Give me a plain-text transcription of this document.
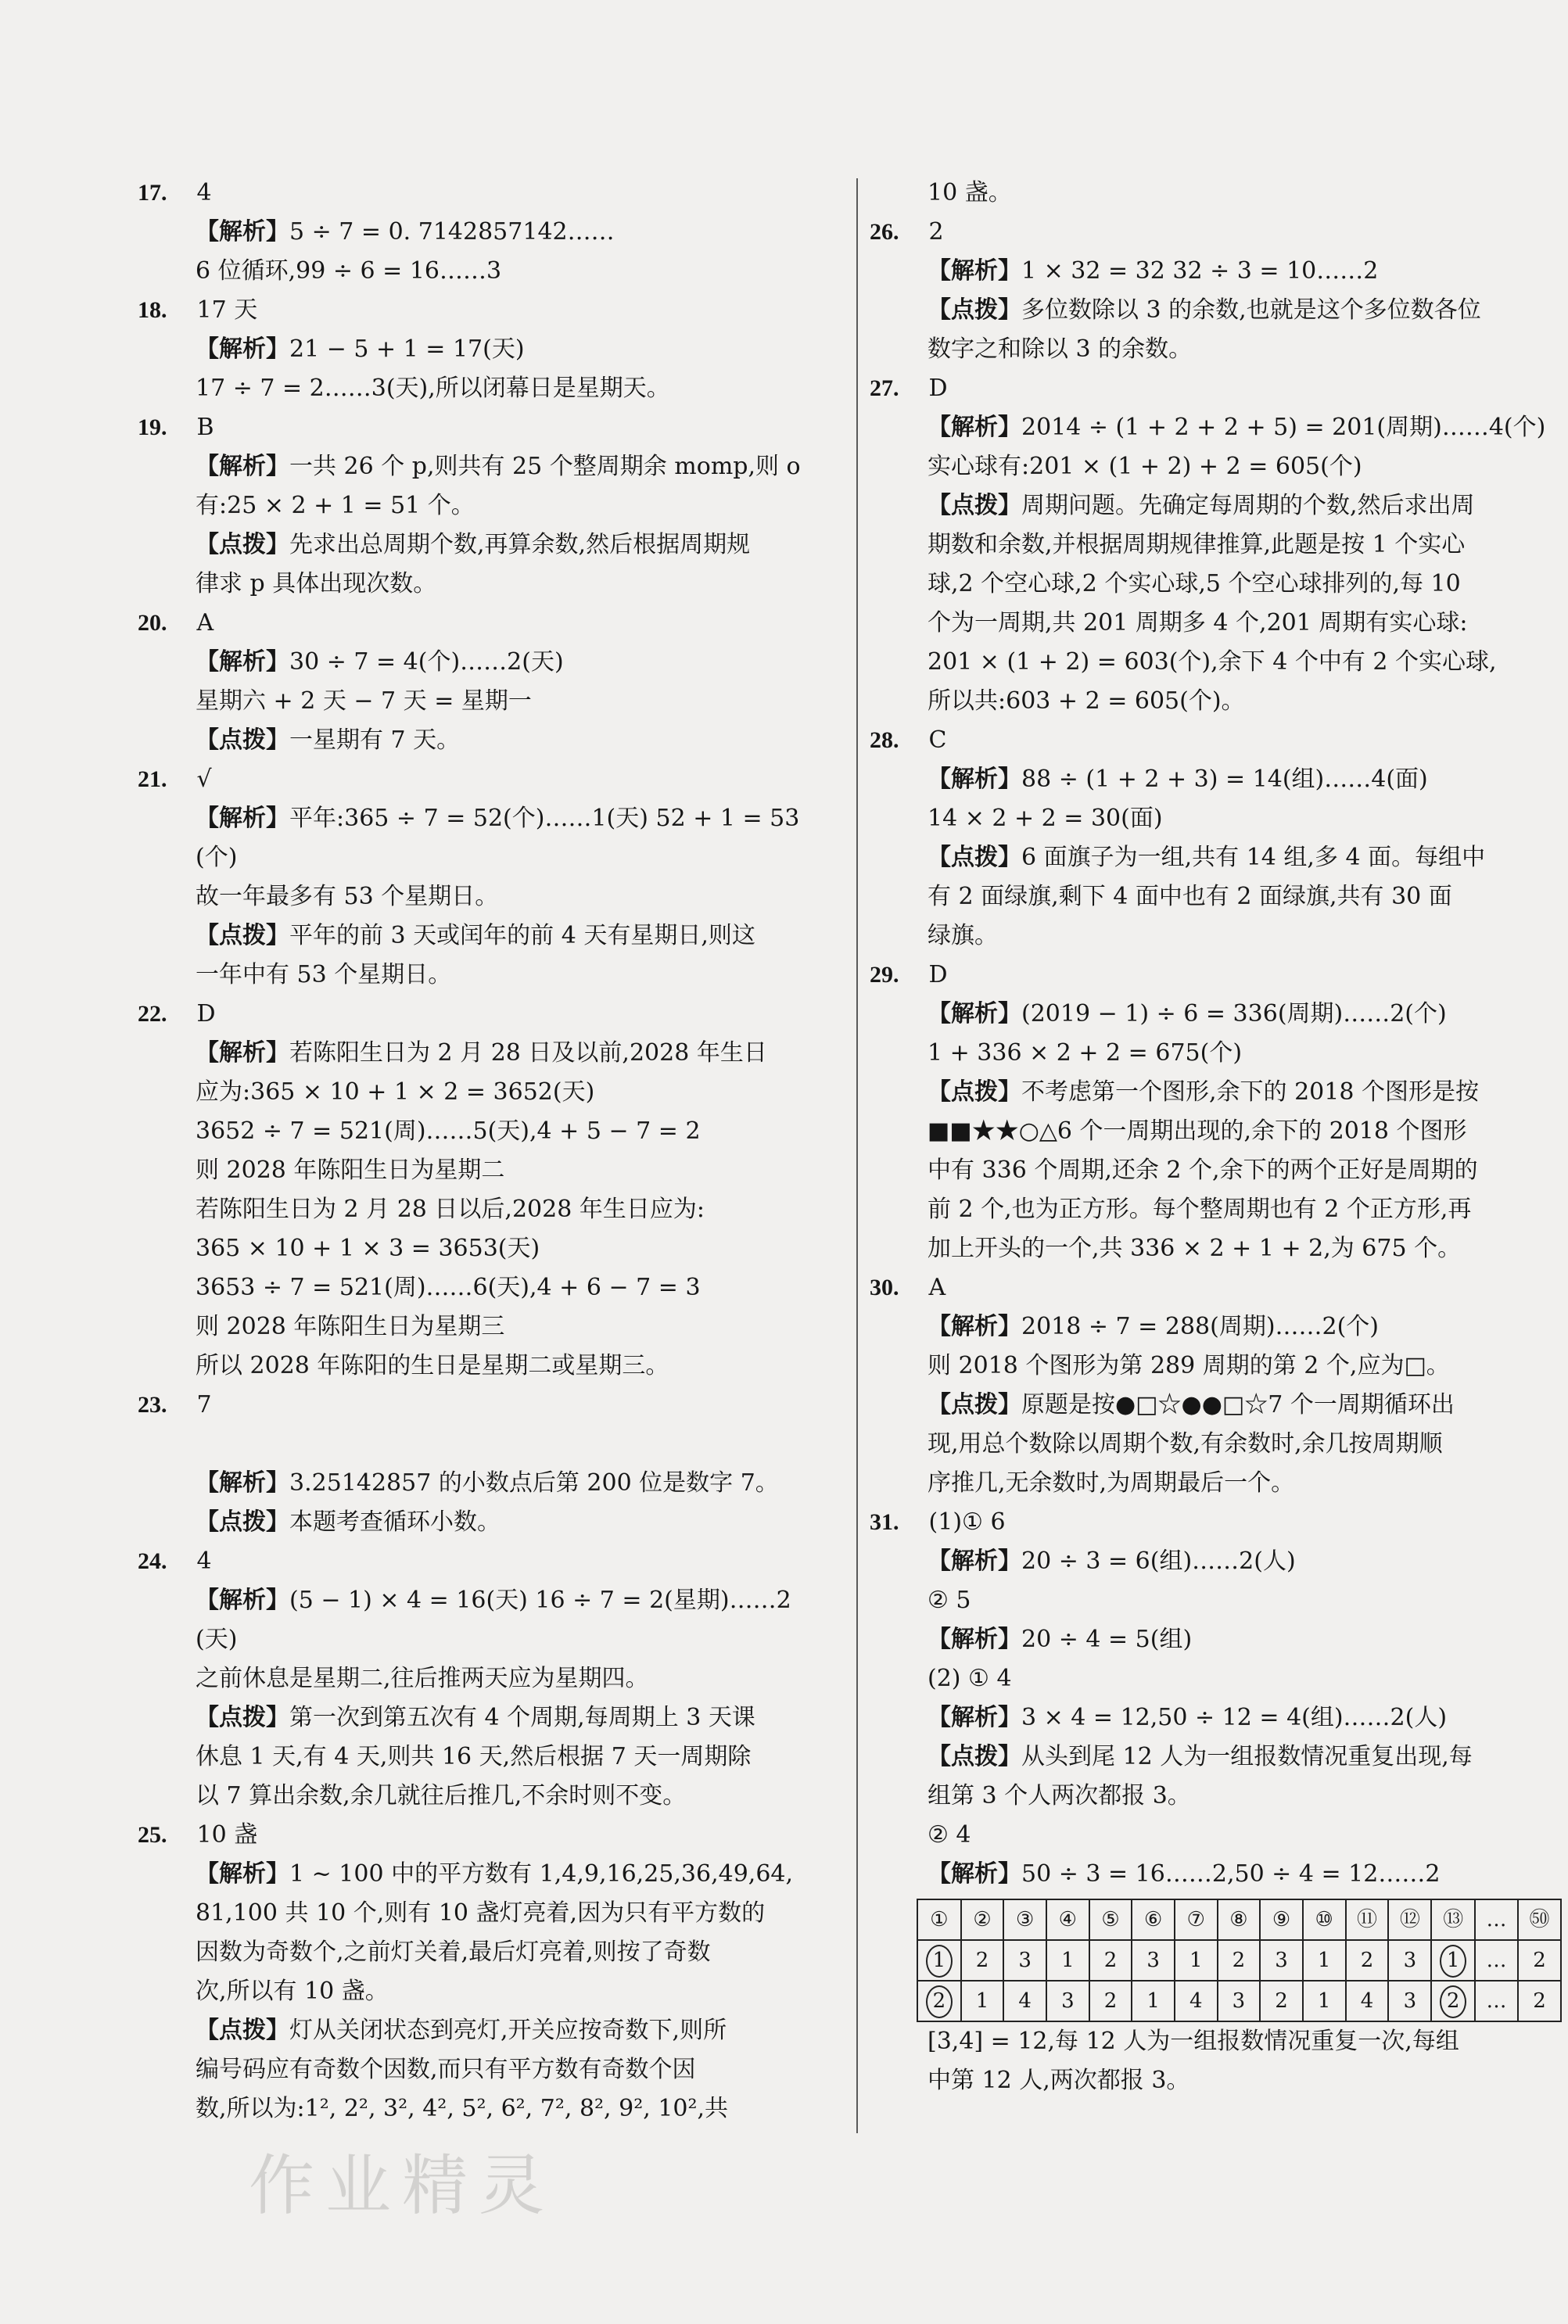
17. 4
【解析】5 ÷ 7 = 0. 7142857142……
6 位循环,99 ÷ 6 = 16……3
18. 17 天
【解析】21 − 5 + 1 = 17(天)
17 ÷ 7 = 2……3(天),所以闭幕日是星期天。
19. B
【解析】一共 26 个 p,则共有 25 个整周期余 momp,则 o
有:25 × 2 + 1 = 51 个。
【点拨】先求出总周期个数,再算余数,然后根据周期规
律求 p 具体出现次数。
20. A
【解析】30 ÷ 7 = 4(个)……2(天)
星期六 + 2 天 − 7 天 = 星期一
【点拨】一星期有 7 天。
21. √
【解析】平年:365 ÷ 7 = 52(个)……1(天) 52 + 1 = 53
(个)
故一年最多有 53 个星期日。
【点拨】平年的前 3 天或闰年的前 4 天有星期日,则这
一年中有 53 个星期日。
22. D
【解析】若陈阳生日为 2 月 28 日及以前,2028 年生日
应为:365 × 10 + 1 × 2 = 3652(天)
3652 ÷ 7 = 521(周)……5(天),4 + 5 − 7 = 2
则 2028 年陈阳生日为星期二
若陈阳生日为 2 月 28 日以后,2028 年生日应为:
365 × 10 + 1 × 3 = 3653(天)
3653 ÷ 7 = 521(周)……6(天),4 + 6 − 7 = 3
则 2028 年陈阳生日为星期三
所以 2028 年陈阳的生日是星期二或星期三。
23. 7
【解析】3.25142857 的小数点后第 200 位是数字 7。
【点拨】本题考查循环小数。
24. 4
【解析】(5 − 1) × 4 = 16(天) 16 ÷ 7 = 2(星期)……2
(天)
之前休息是星期二,往后推两天应为星期四。
【点拨】第一次到第五次有 4 个周期,每周期上 3 天课
休息 1 天,有 4 天,则共 16 天,然后根据 7 天一周期除
以 7 算出余数,余几就往后推几,不余时则不变。
25. 10 盏
【解析】1 ~ 100 中的平方数有 1,4,9,16,25,36,49,64,
81,100 共 10 个,则有 10 盏灯亮着,因为只有平方数的
因数为奇数个,之前灯关着,最后灯亮着,则按了奇数
次,所以有 10 盏。
【点拨】灯从关闭状态到亮灯,开关应按奇数下,则所
编号码应有奇数个因数,而只有平方数有奇数个因
数,所以为:1², 2², 3², 4², 5², 6², 7², 8², 9², 10²,共
10 盏。
26. 2
【解析】1 × 32 = 32 32 ÷ 3 = 10……2
【点拨】多位数除以 3 的余数,也就是这个多位数各位
数字之和除以 3 的余数。
27. D
【解析】2014 ÷ (1 + 2 + 2 + 5) = 201(周期)……4(个)
实心球有:201 × (1 + 2) + 2 = 605(个)
【点拨】周期问题。先确定每周期的个数,然后求出周
期数和余数,并根据周期规律推算,此题是按 1 个实心
球,2 个空心球,2 个实心球,5 个空心球排列的,每 10
个为一周期,共 201 周期多 4 个,201 周期有实心球:
201 × (1 + 2) = 603(个),余下 4 个中有 2 个实心球,
所以共:603 + 2 = 605(个)。
28. C
【解析】88 ÷ (1 + 2 + 3) = 14(组)……4(面)
14 × 2 + 2 = 30(面)
【点拨】6 面旗子为一组,共有 14 组,多 4 面。每组中
有 2 面绿旗,剩下 4 面中也有 2 面绿旗,共有 30 面
绿旗。
29. D
【解析】(2019 − 1) ÷ 6 = 336(周期)……2(个)
1 + 336 × 2 + 2 = 675(个)
【点拨】不考虑第一个图形,余下的 2018 个图形是按
■■★★○△6 个一周期出现的,余下的 2018 个图形
中有 336 个周期,还余 2 个,余下的两个正好是周期的
前 2 个,也为正方形。每个整周期也有 2 个正方形,再
加上开头的一个,共 336 × 2 + 1 + 2,为 675 个。
30. A
【解析】2018 ÷ 7 = 288(周期)……2(个)
则 2018 个图形为第 289 周期的第 2 个,应为□。
【点拨】原题是按●□☆●●□☆7 个一周期循环出
现,用总个数除以周期个数,有余数时,余几按周期顺
序推几,无余数时,为周期最后一个。
31. (1)① 6
【解析】20 ÷ 3 = 6(组)……2(人)
② 5
【解析】20 ÷ 4 = 5(组)
(2) ① 4
【解析】3 × 4 = 12,50 ÷ 12 = 4(组)……2(人)
【点拨】从头到尾 12 人为一组报数情况重复出现,每
组第 3 个人两次都报 3。
② 4
【解析】50 ÷ 3 = 16……2,50 ÷ 4 = 12……2
①	②	③	④	⑤	⑥	⑦	⑧	⑨	⑩	⑪	⑫	⑬	…	㊿
1	2	3	1	2	3	1	2	3	1	2	3	1	…	2
2	1	4	3	2	1	4	3	2	1	4	3	2	…	2
[3,4] = 12,每 12 人为一组报数情况重复一次,每组
中第 12 人,两次都报 3。
作业精灵
